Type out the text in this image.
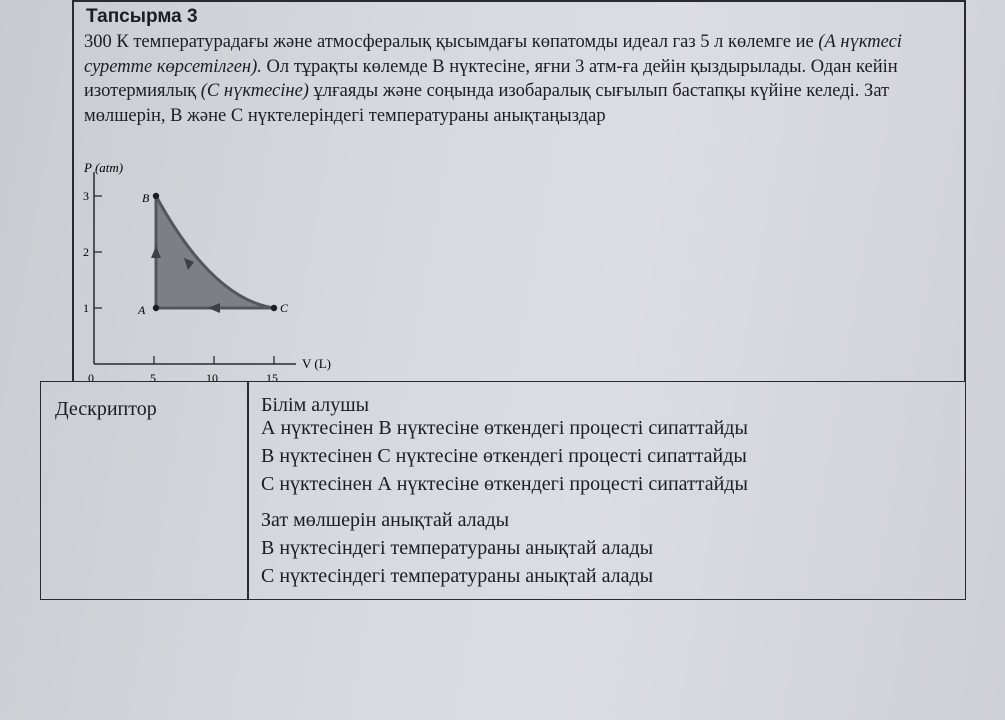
Тапсырма 3
300 К температурадағы және атмосфералық қысымдағы көпатомды идеал газ 5 л көлемге ие (А нүктесі суретте көрсетілген). Ол тұрақты көлемде В нүктесіне, яғни 3 атм-ға дейін қыздырылады. Одан кейін изотермиялық (С нүктесіне) ұлғаяды және соңында изобаралық сығылып бастапқы күйіне келеді. Зат мөлшерін, В және С нүктелеріндегі температураны анықтаңыздар
P (atm)
V (L)
3
2
1
0	5	10	15
B
A	C
Дескриптор	Білім алушы
А нүктесінен В нүктесіне өткендегі процесті сипаттайды
В нүктесінен С нүктесіне өткендегі процесті сипаттайды
С нүктесінен А нүктесіне өткендегі процесті сипаттайды
Зат мөлшерін анықтай алады
В нүктесіндегі температураны анықтай алады
С нүктесіндегі температураны анықтай алады
